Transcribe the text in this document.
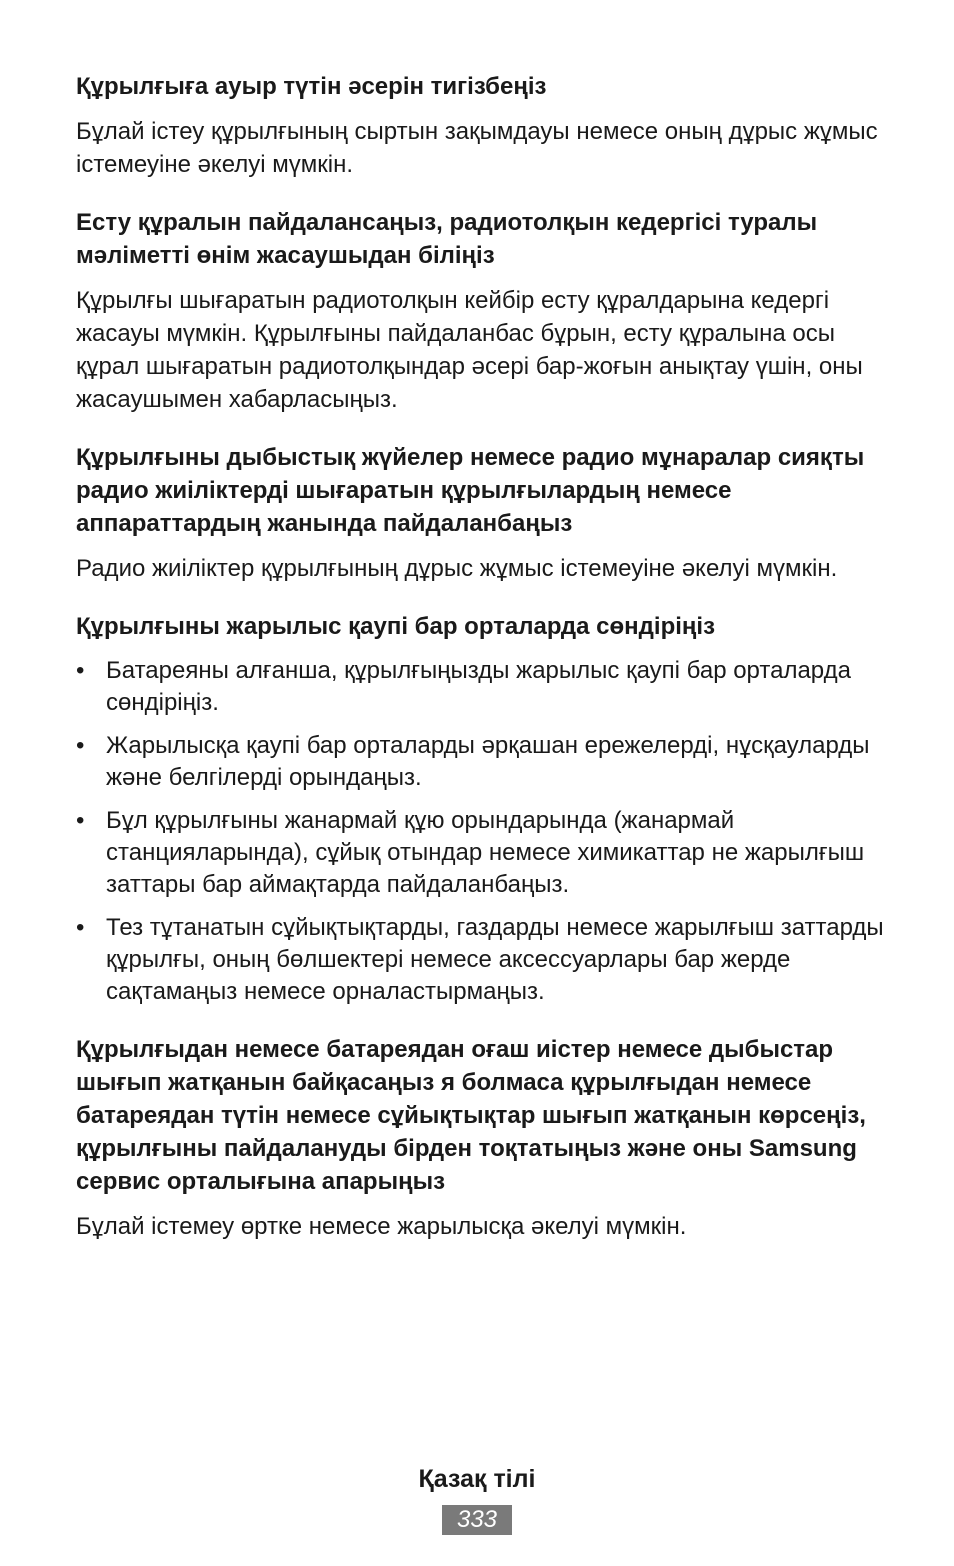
Құрылғыға ауыр түтін әсерін тигізбеңіз

Бұлай істеу құрылғының сыртын зақымдауы немесе оның дұрыс жұмыс істемеуіне әкелуі мүмкін.

Есту құралын пайдалансаңыз, радиотолқын кедергісі туралы мәліметті өнім жасаушыдан біліңіз

Құрылғы шығаратын радиотолқын кейбір есту құралдарына кедергі жасауы мүмкін. Құрылғыны пайдаланбас бұрын, есту құралына осы құрал шығаратын радиотолқындар әсері бар-жоғын анықтау үшін, оны жасаушымен хабарласыңыз.

Құрылғыны дыбыстық жүйелер немесе радио мұнаралар сияқты радио жиіліктерді шығаратын құрылғылардың немесе аппараттардың жанында пайдаланбаңыз

Радио жиіліктер құрылғының дұрыс жұмыс істемеуіне әкелуі мүмкін.

Құрылғыны жарылыс қаупі бар орталарда сөндіріңіз

• Батареяны алғанша, құрылғыңызды жарылыс қаупі бар орталарда сөндіріңіз.
• Жарылысқа қаупі бар орталарды әрқашан ережелерді, нұсқауларды және белгілерді орындаңыз.
• Бұл құрылғыны жанармай құю орындарында (жанармай станцияларында), сұйық отындар немесе химикаттар не жарылғыш заттары бар аймақтарда пайдаланбаңыз.
• Тез тұтанатын сұйықтықтарды, газдарды немесе жарылғыш заттарды құрылғы, оның бөлшектері немесе аксессуарлары бар жерде сақтамаңыз немесе орналастырмаңыз.

Құрылғыдан немесе батареядан оғаш иістер немесе дыбыстар шығып жатқанын байқасаңыз я болмаса құрылғыдан немесе батареядан түтін немесе сұйықтықтар шығып жатқанын көрсеңіз, құрылғыны пайдалануды бірден тоқтатыңыз және оны Samsung сервис орталығына апарыңыз

Бұлай істемеу өртке немесе жарылысқа әкелуі мүмкін.

Қазақ тілі
333
